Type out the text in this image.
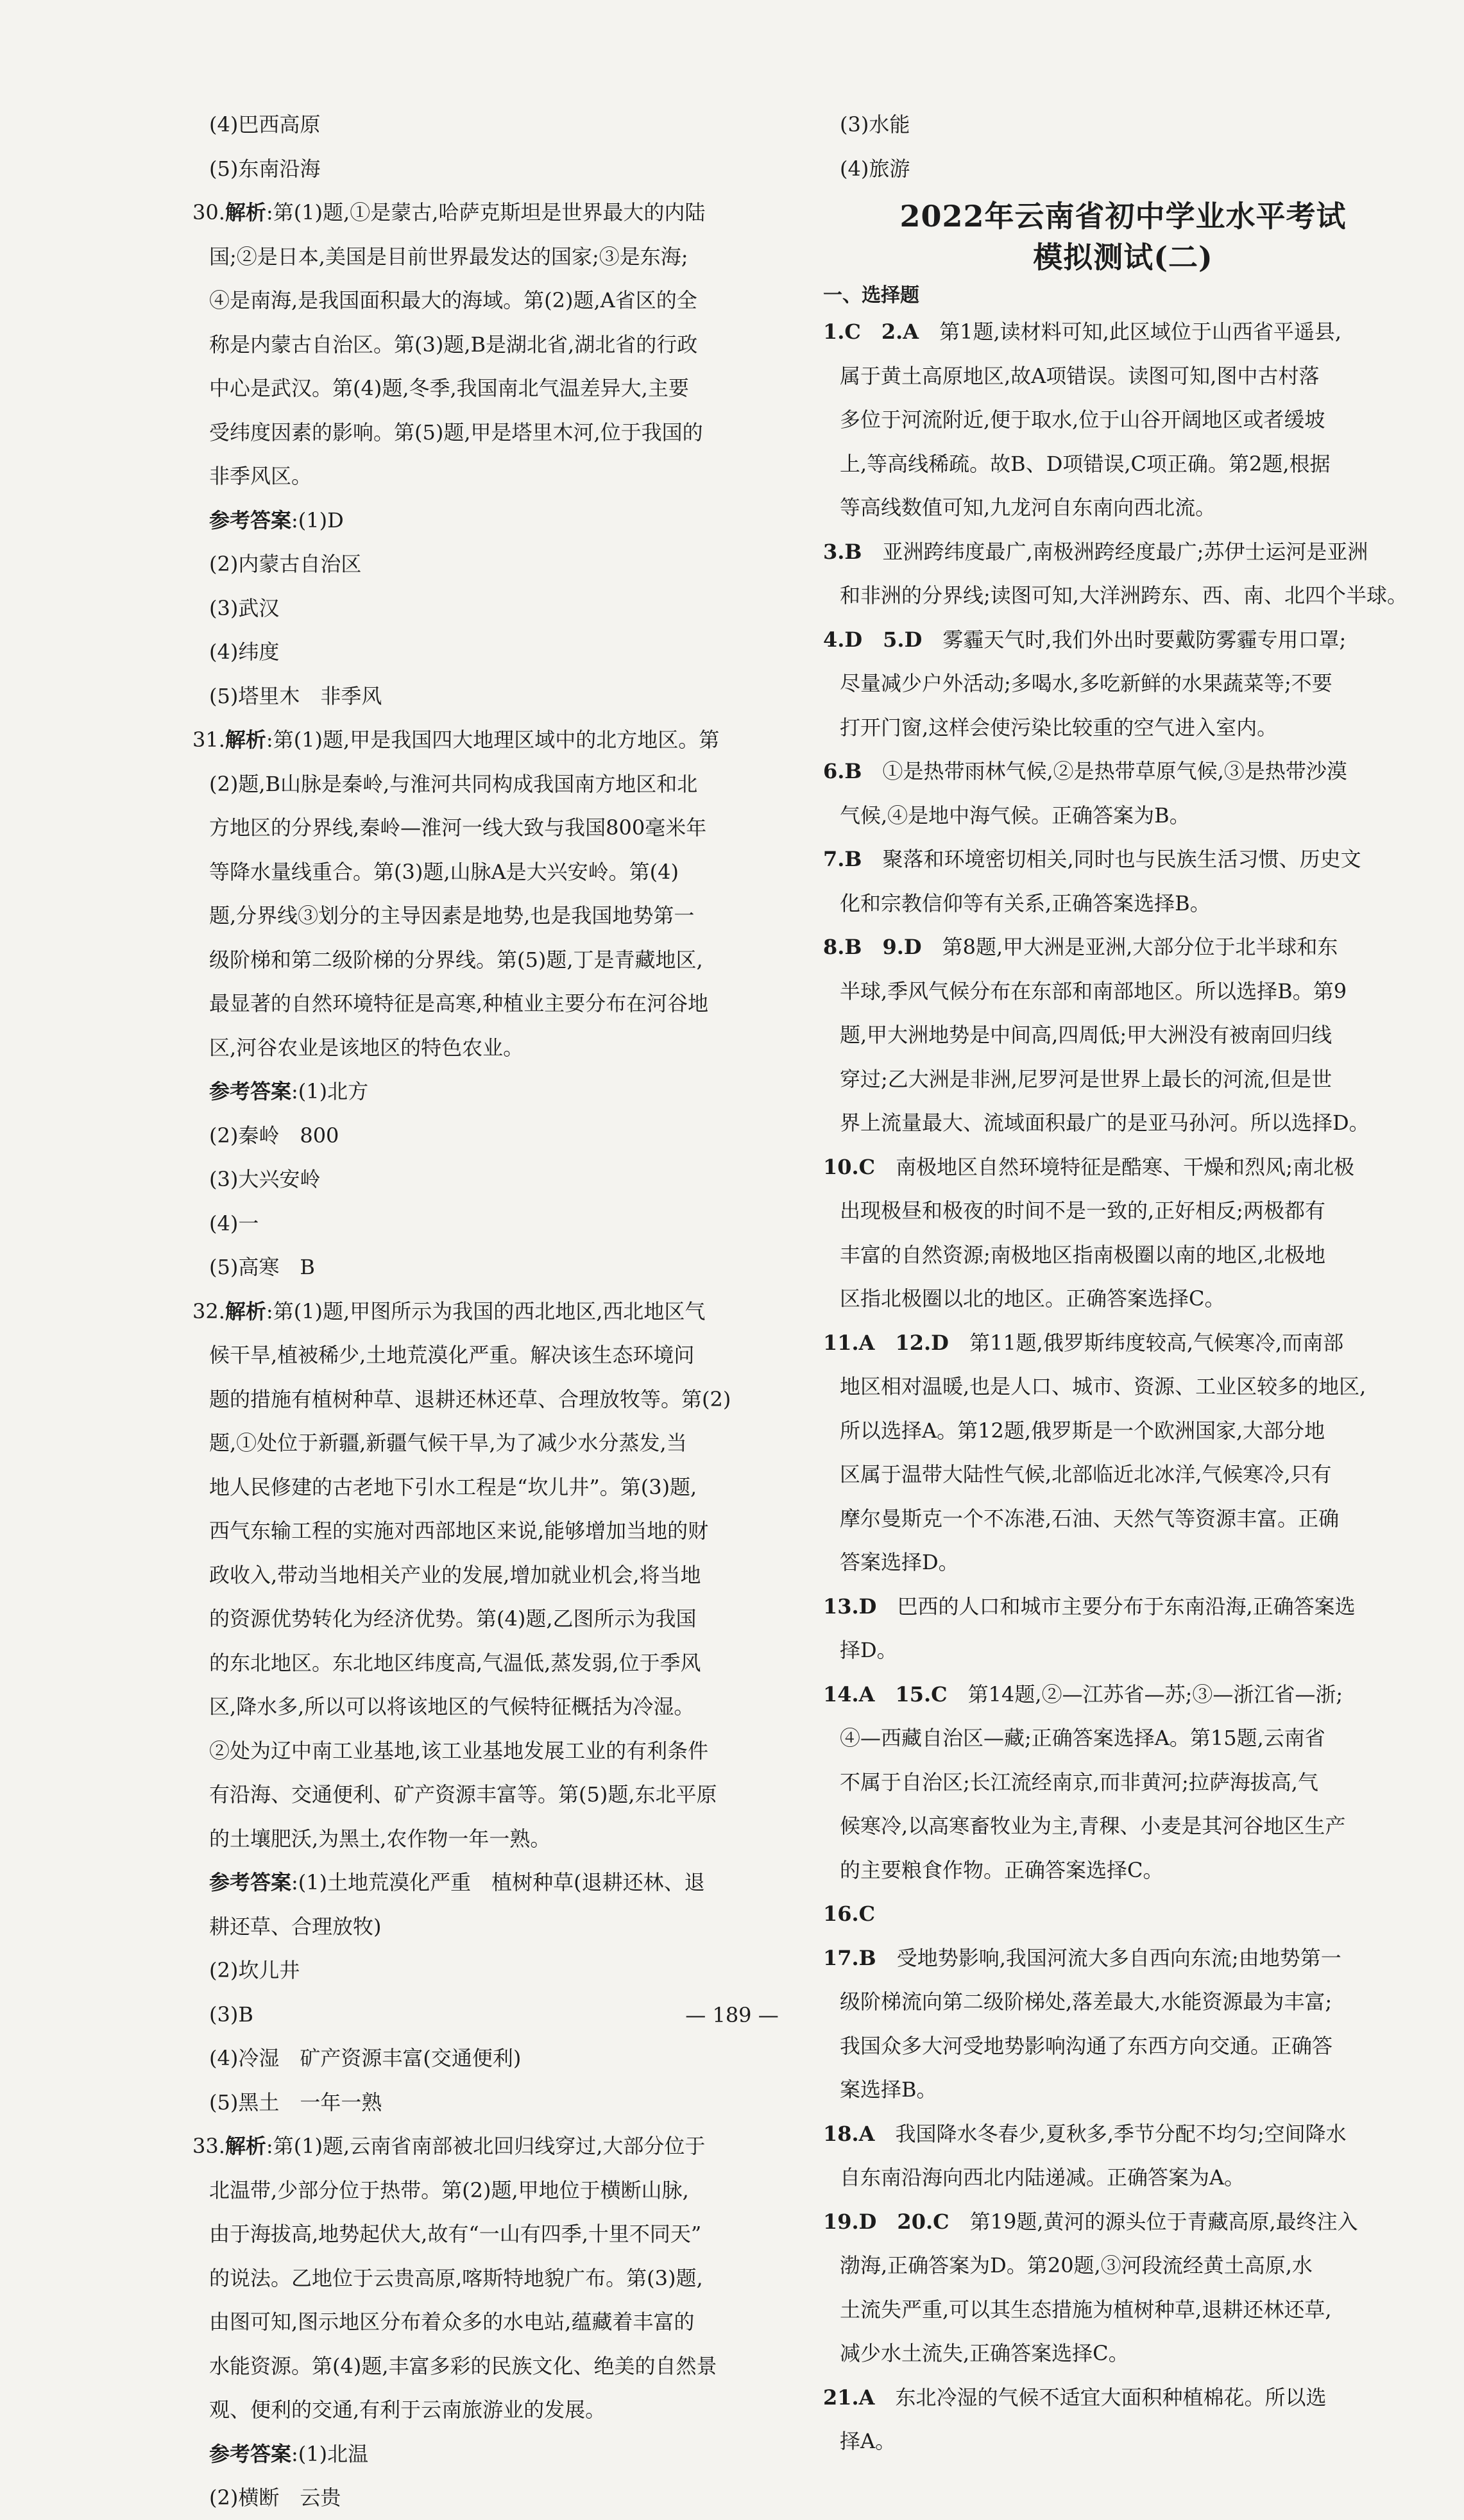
(4)巴西高原
(5)东南沿海
30.解析:第(1)题,①是蒙古,哈萨克斯坦是世界最大的内陆
国;②是日本,美国是目前世界最发达的国家;③是东海;
④是南海,是我国面积最大的海域。第(2)题,A省区的全
称是内蒙古自治区。第(3)题,B是湖北省,湖北省的行政
中心是武汉。第(4)题,冬季,我国南北气温差异大,主要
受纬度因素的影响。第(5)题,甲是塔里木河,位于我国的
非季风区。
参考答案:(1)D
(2)内蒙古自治区
(3)武汉
(4)纬度
(5)塔里木　非季风
31.解析:第(1)题,甲是我国四大地理区域中的北方地区。第
(2)题,B山脉是秦岭,与淮河共同构成我国南方地区和北
方地区的分界线,秦岭—淮河一线大致与我国800毫米年
等降水量线重合。第(3)题,山脉A是大兴安岭。第(4)
题,分界线③划分的主导因素是地势,也是我国地势第一
级阶梯和第二级阶梯的分界线。第(5)题,丁是青藏地区,
最显著的自然环境特征是高寒,种植业主要分布在河谷地
区,河谷农业是该地区的特色农业。
参考答案:(1)北方
(2)秦岭　800
(3)大兴安岭
(4)一
(5)高寒　B
32.解析:第(1)题,甲图所示为我国的西北地区,西北地区气
候干旱,植被稀少,土地荒漠化严重。解决该生态环境问
题的措施有植树种草、退耕还林还草、合理放牧等。第(2)
题,①处位于新疆,新疆气候干旱,为了减少水分蒸发,当
地人民修建的古老地下引水工程是“坎儿井”。第(3)题,
西气东输工程的实施对西部地区来说,能够增加当地的财
政收入,带动当地相关产业的发展,增加就业机会,将当地
的资源优势转化为经济优势。第(4)题,乙图所示为我国
的东北地区。东北地区纬度高,气温低,蒸发弱,位于季风
区,降水多,所以可以将该地区的气候特征概括为冷湿。
②处为辽中南工业基地,该工业基地发展工业的有利条件
有沿海、交通便利、矿产资源丰富等。第(5)题,东北平原
的土壤肥沃,为黑土,农作物一年一熟。
参考答案:(1)土地荒漠化严重　植树种草(退耕还林、退
耕还草、合理放牧)
(2)坎儿井
(3)B
(4)冷湿　矿产资源丰富(交通便利)
(5)黑土　一年一熟
33.解析:第(1)题,云南省南部被北回归线穿过,大部分位于
北温带,少部分位于热带。第(2)题,甲地位于横断山脉,
由于海拔高,地势起伏大,故有“一山有四季,十里不同天”
的说法。乙地位于云贵高原,喀斯特地貌广布。第(3)题,
由图可知,图示地区分布着众多的水电站,蕴藏着丰富的
水能资源。第(4)题,丰富多彩的民族文化、绝美的自然景
观、便利的交通,有利于云南旅游业的发展。
参考答案:(1)北温
(2)横断　云贵
(3)水能
(4)旅游
2022年云南省初中学业水平考试
模拟测试(二)
一、选择题
1.C　2.A　 第1题,读材料可知,此区域位于山西省平遥县,
属于黄土高原地区,故A项错误。读图可知,图中古村落
多位于河流附近,便于取水,位于山谷开阔地区或者缓坡
上,等高线稀疏。故B、D项错误,C项正确。第2题,根据
等高线数值可知,九龙河自东南向西北流。
3.B　 亚洲跨纬度最广,南极洲跨经度最广;苏伊士运河是亚洲
和非洲的分界线;读图可知,大洋洲跨东、西、南、北四个半球。
4.D　5.D　 雾霾天气时,我们外出时要戴防雾霾专用口罩;
尽量减少户外活动;多喝水,多吃新鲜的水果蔬菜等;不要
打开门窗,这样会使污染比较重的空气进入室内。
6.B　 ①是热带雨林气候,②是热带草原气候,③是热带沙漠
气候,④是地中海气候。正确答案为B。
7.B　 聚落和环境密切相关,同时也与民族生活习惯、历史文
化和宗教信仰等有关系,正确答案选择B。
8.B　9.D　 第8题,甲大洲是亚洲,大部分位于北半球和东
半球,季风气候分布在东部和南部地区。所以选择B。第9
题,甲大洲地势是中间高,四周低;甲大洲没有被南回归线
穿过;乙大洲是非洲,尼罗河是世界上最长的河流,但是世
界上流量最大、流域面积最广的是亚马孙河。所以选择D。
10.C　 南极地区自然环境特征是酷寒、干燥和烈风;南北极
出现极昼和极夜的时间不是一致的,正好相反;两极都有
丰富的自然资源;南极地区指南极圈以南的地区,北极地
区指北极圈以北的地区。正确答案选择C。
11.A　12.D　 第11题,俄罗斯纬度较高,气候寒冷,而南部
地区相对温暖,也是人口、城市、资源、工业区较多的地区,
所以选择A。第12题,俄罗斯是一个欧洲国家,大部分地
区属于温带大陆性气候,北部临近北冰洋,气候寒冷,只有
摩尔曼斯克一个不冻港,石油、天然气等资源丰富。正确
答案选择D。
13.D　 巴西的人口和城市主要分布于东南沿海,正确答案选
择D。
14.A　15.C　 第14题,②—江苏省—苏;③—浙江省—浙;
④—西藏自治区—藏;正确答案选择A。第15题,云南省
不属于自治区;长江流经南京,而非黄河;拉萨海拔高,气
候寒冷,以高寒畜牧业为主,青稞、小麦是其河谷地区生产
的主要粮食作物。正确答案选择C。
16.C
17.B　 受地势影响,我国河流大多自西向东流;由地势第一
级阶梯流向第二级阶梯处,落差最大,水能资源最为丰富;
我国众多大河受地势影响沟通了东西方向交通。正确答
案选择B。
18.A　 我国降水冬春少,夏秋多,季节分配不均匀;空间降水
自东南沿海向西北内陆递减。正确答案为A。
19.D　20.C　 第19题,黄河的源头位于青藏高原,最终注入
渤海,正确答案为D。第20题,③河段流经黄土高原,水
土流失严重,可以其生态措施为植树种草,退耕还林还草,
减少水土流失,正确答案选择C。
21.A　 东北冷湿的气候不适宜大面积种植棉花。所以选
择A。
— 189 —
